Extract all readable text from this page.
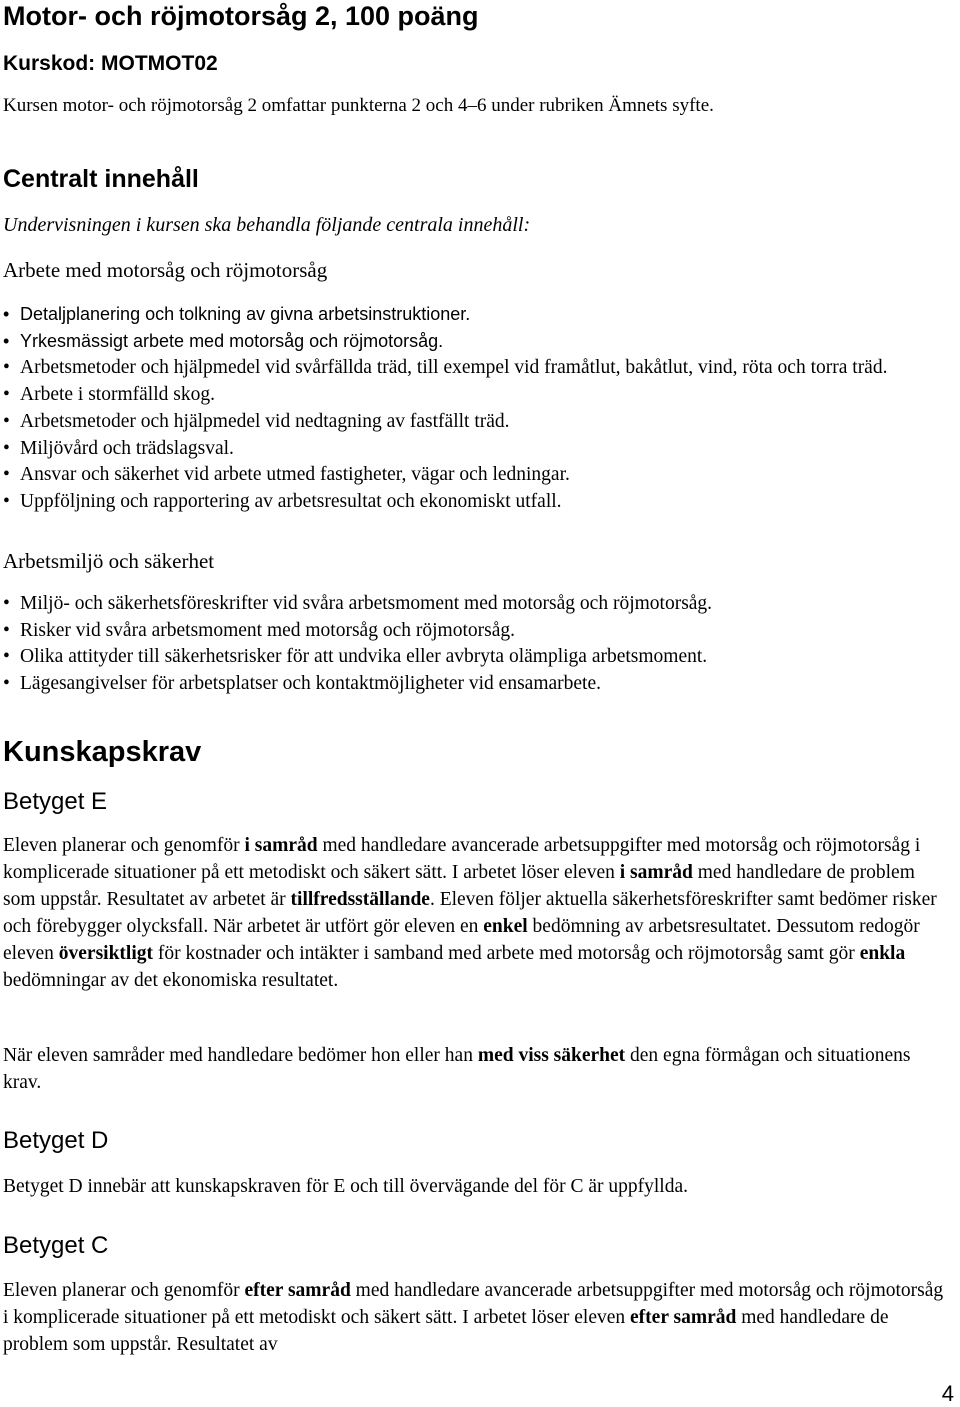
Motor- och röjmotorsåg 2, 100 poäng
Kurskod: MOTMOT02

Kursen motor- och röjmotorsåg 2 omfattar punkterna 2 och 4–6 under rubriken Ämnets syfte.

Centralt innehåll

Undervisningen i kursen ska behandla följande centrala innehåll:

Arbete med motorsåg och röjmotorsåg
• Detaljplanering och tolkning av givna arbetsinstruktioner.
• Yrkesmässigt arbete med motorsåg och röjmotorsåg.
• Arbetsmetoder och hjälpmedel vid svårfällda träd, till exempel vid framåtlut, bakåtlut, vind, röta och torra träd.
• Arbete i stormfälld skog.
• Arbetsmetoder och hjälpmedel vid nedtagning av fastfällt träd.
• Miljövård och trädslagsval.
• Ansvar och säkerhet vid arbete utmed fastigheter, vägar och ledningar.
• Uppföljning och rapportering av arbetsresultat och ekonomiskt utfall.
Arbetsmiljö och säkerhet
• Miljö- och säkerhetsföreskrifter vid svåra arbetsmoment med motorsåg och röjmotorsåg.
• Risker vid svåra arbetsmoment med motorsåg och röjmotorsåg.
• Olika attityder till säkerhetsrisker för att undvika eller avbryta olämpliga arbetsmoment.
• Lägesangivelser för arbetsplatser och kontaktmöjligheter vid ensamarbete.
Kunskapskrav
Betyget E

Eleven planerar och genomför i samråd med handledare avancerade arbetsuppgifter med motorsåg och röjmotorsåg i komplicerade situationer på ett metodiskt och säkert sätt. I arbetet löser eleven i samråd med handledare de problem som uppstår. Resultatet av arbetet är tillfredsställande. Eleven följer aktuella säkerhetsföreskrifter samt bedömer risker och förebygger olycksfall. När arbetet är utfört gör eleven en enkel bedömning av arbetsresultatet. Dessutom redogör eleven översiktligt för kostnader och intäkter i samband med arbete med motorsåg och röjmotorsåg samt gör enkla bedömningar av det ekonomiska resultatet.

När eleven samråder med handledare bedömer hon eller han med viss säkerhet den egna förmågan och situationens krav.

Betyget D

Betyget D innebär att kunskapskraven för E och till övervägande del för C är uppfyllda.

Betyget C

Eleven planerar och genomför efter samråd med handledare avancerade arbetsuppgifter med motorsåg och röjmotorsåg i komplicerade situationer på ett metodiskt och säkert sätt. I arbetet löser eleven efter samråd med handledare de problem som uppstår. Resultatet av

4
